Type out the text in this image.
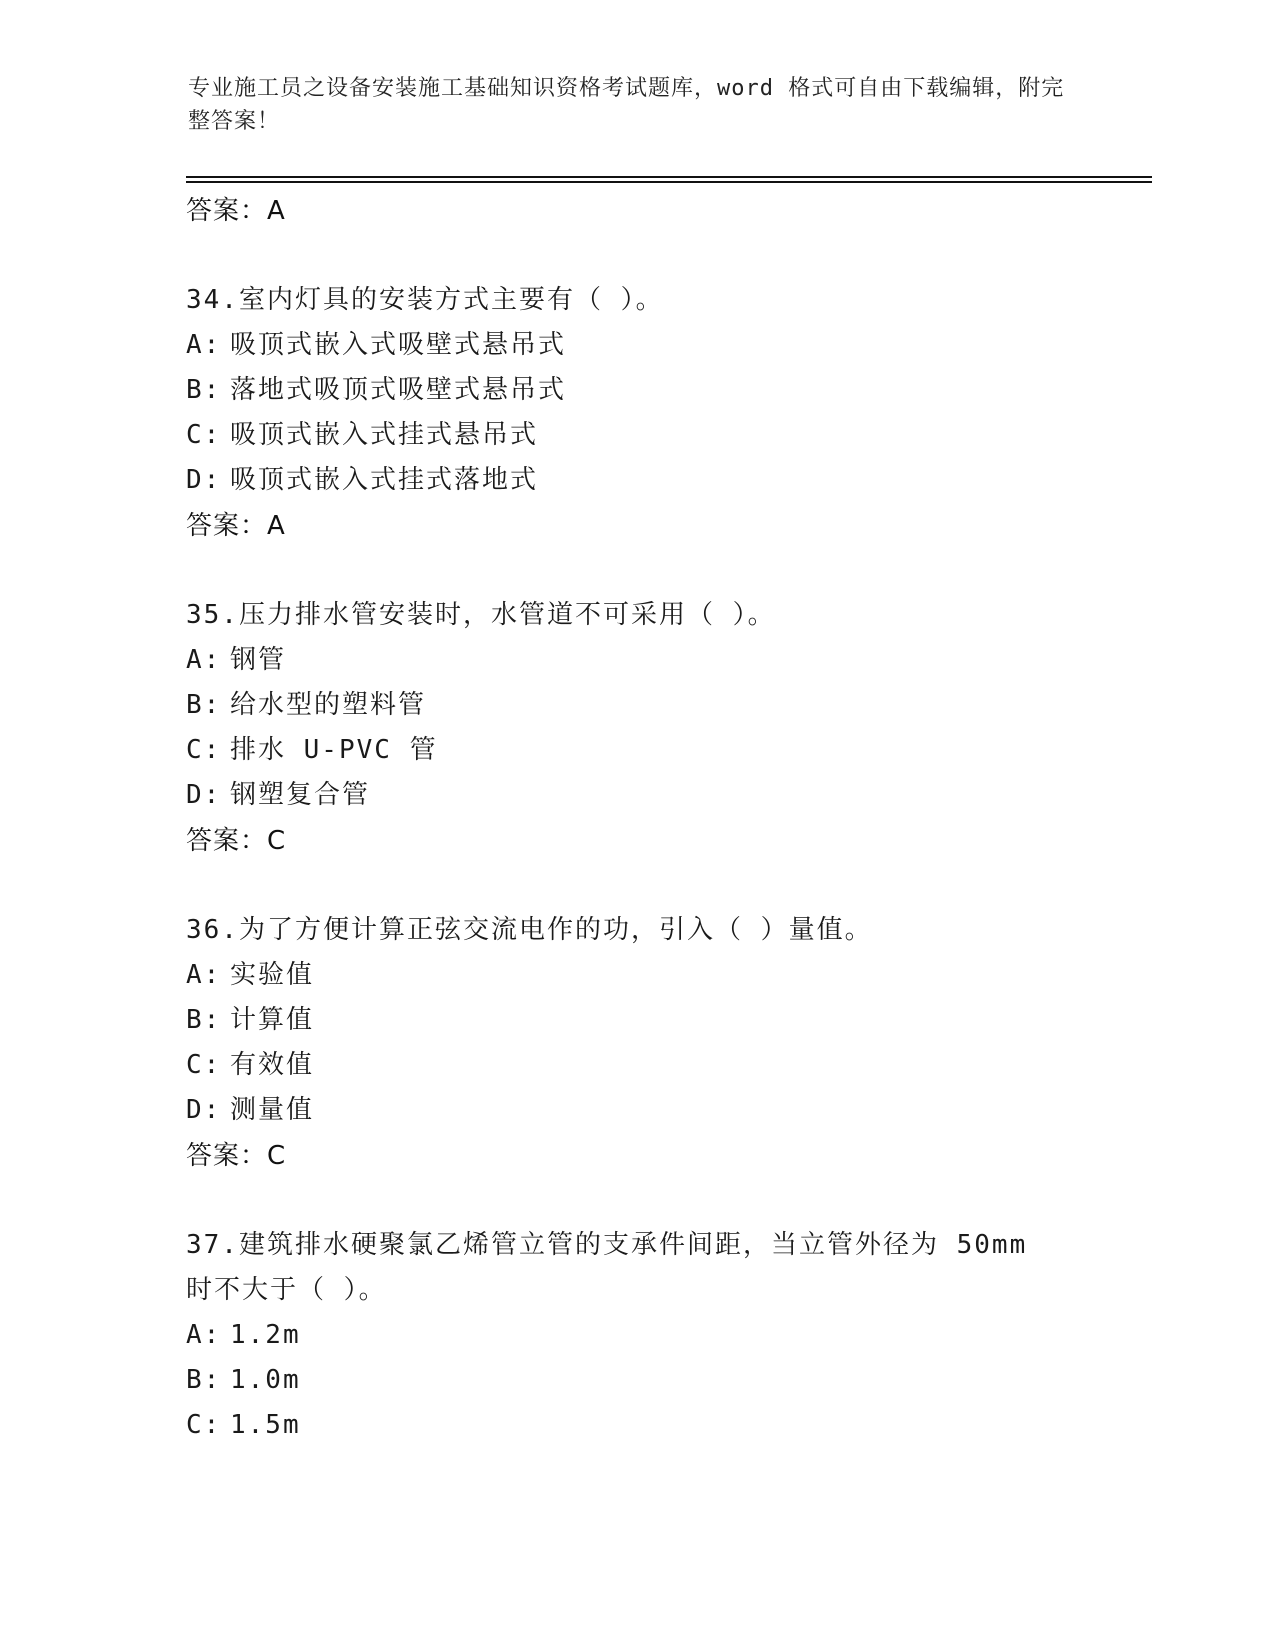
专业施工员之设备安装施工基础知识资格考试题库，word 格式可自由下载编辑，附完整答案！
答案：A
34.室内灯具的安装方式主要有（ ）。
A: 吸顶式嵌入式吸壁式悬吊式
B: 落地式吸顶式吸壁式悬吊式
C: 吸顶式嵌入式挂式悬吊式
D: 吸顶式嵌入式挂式落地式
答案：A
35.压力排水管安装时，水管道不可采用（ ）。
A: 钢管
B: 给水型的塑料管
C: 排水 U-PVC 管
D: 钢塑复合管
答案：C
36.为了方便计算正弦交流电作的功，引入（ ）量值。
A: 实验值
B: 计算值
C: 有效值
D: 测量值
答案：C
37.建筑排水硬聚氯乙烯管立管的支承件间距，当立管外径为 50mm 时不大于（ ）。
A: 1.2m
B: 1.0m
C: 1.5m
